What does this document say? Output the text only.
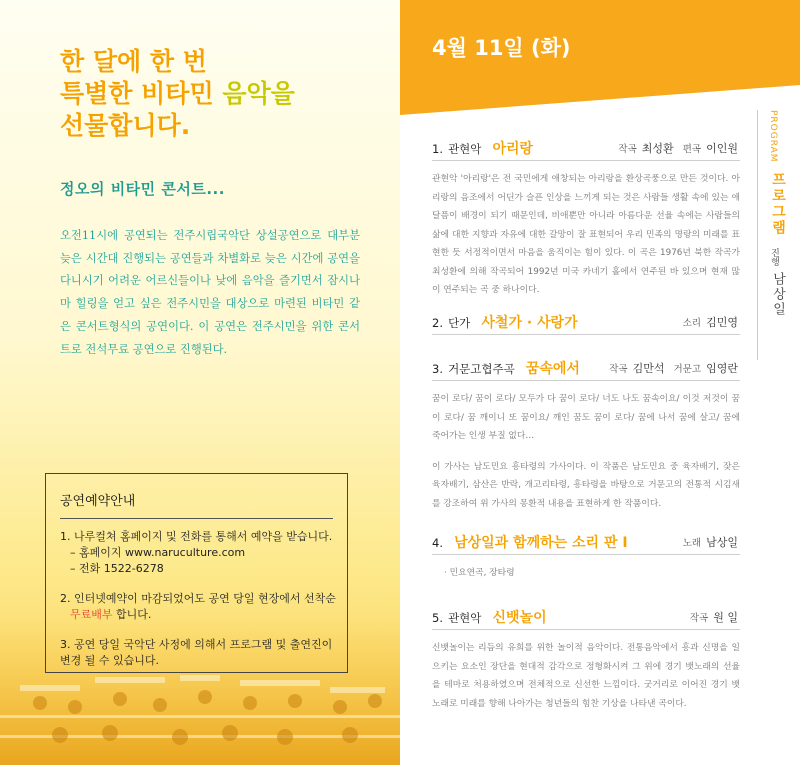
한 달에 한 번
특별한 비타민 음악을
선물합니다.
정오의 비타민 콘서트...
오전11시에 공연되는 전주시립국악단 상설공연으로 대부분 늦은 시간대 진행되는 공연들과 차별화로 늦은 시간에 공연을 다니시기 어려운 어르신들이나 낮에 음악을 즐기면서 잠시나마 힐링을 얻고 싶은 전주시민을 대상으로 마련된 비타민 같은 콘서트형식의 공연이다. 이 공연은 전주시민을 위한 콘서트로 전석무료 공연으로 진행된다.
공연예약안내
1. 나루컬쳐 홈페이지 및 전화를 통해서 예약을 받습니다.
– 홈페이지 www.naruculture.com
– 전화 1522-6278
2. 인터넷예약이 마감되었어도 공연 당일 현장에서 선착순
무료배부 합니다.
3. 공연 당일 국악단 사정에 의해서 프로그램 및 출연진이 변경 될 수 있습니다.
4월 11일 (화)
PROGRAM
프로그램
진행
남상일
1. 관현악 아리랑	작곡 최성환 편곡 이인원

관현악 '아리랑'은 전 국민에게 애창되는 아리랑을 환상곡풍으로 만든 것이다. 아리랑의 음조에서 어딘가 슬픈 인상을 느끼게 되는 것은 사람들 생활 속에 있는 애달픔이 배경이 되기 때문인데, 비애뿐만 아니라 아름다운 선율 속에는 사람들의 삶에 대한 지향과 자유에 대한 갈망이 잘 표현되어 우리 민족의 명랑의 미래를 표현한 듯 서정적이면서 마음을 움직이는 힘이 있다. 이 곡은 1976년 북한 작곡가 최성환에 의해 작곡되어 1992년 미국 카네기 홀에서 연주된 바 있으며 현재 많이 연주되는 곡 중 하나이다.

2. 단가 사철가 · 사랑가	소리 김민영
3. 거문고협주곡 꿈속에서	작곡 김만석 거문고 임영란

꿈이 로다/ 꿈이 로다/ 모두가 다 꿈이 로다/ 너도 나도 꿈속이요/ 이것 저것이 꿈이 로다/ 꿈 깨이니 또 꿈이요/ 깨인 꿈도 꿈이 로다/ 꿈에 나서 꿈에 살고/ 꿈에 죽어가는 인생 부질 없다…

이 가사는 남도민요 흥타령의 가사이다. 이 작품은 남도민요 중 육자배기, 잦은 육자배기, 삼산은 반락, 개고리타령, 흥타령을 바탕으로 거문고의 전통적 시김새를 강조하여 위 가사의 몽환적 내용을 표현하게 한 작품이다.

4. 남상일과 함께하는 소리 판 Ⅰ	노래 남상일

· 민요연곡, 장타령

5. 관현악 신뱃놀이	작곡 원 일

신뱃놀이는 리듬의 유희를 위한 놀이적 음악이다. 전통음악에서 흥과 신명을 일으키는 요소인 장단을 현대적 감각으로 정형화시켜 그 위에 경기 뱃노래의 선율을 테마로 처용하였으며 전체적으로 신선한 느낌이다. 굿거리로 이어진 경기 뱃노래로 미래를 향해 나아가는 청년들의 힘찬 기상을 나타낸 곡이다.
